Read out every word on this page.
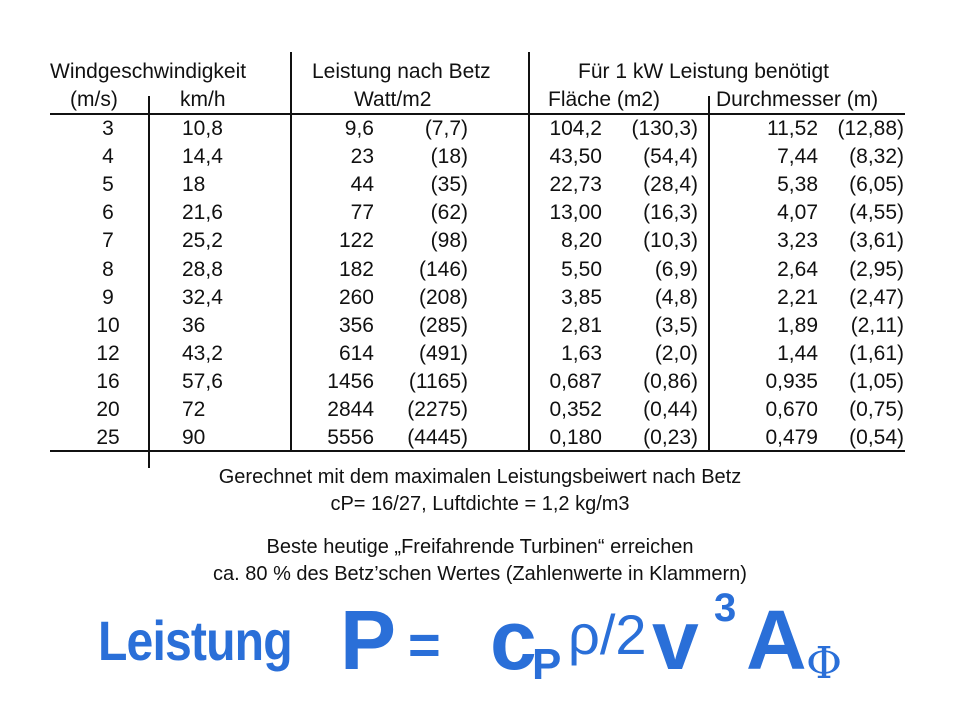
Windgeschwindigkeit
(m/s)	km/h
Leistung nach Betz
Watt/m2
Für 1 kW Leistung benötigt
Fläche (m2)	Durchmesser (m)
3	10,8	9,6 (7,7)	104,2 (130,3)	11,52 (12,88)
4	14,4	23	(18)	43,50 (54,4)	7,44 (8,32)
5	18	44	(35)	22,73 (28,4)	5,38 (6,05)
6	21,6	77	(62)	13,00 (16,3)	4,07 (4,55)
7	25,2	122	(98)	8,20 (10,3)	3,23 (3,61)
8	28,8	182 (146)	5,50	(6,9)	2,64 (2,95)
9	32,4	260 (208)	3,85	(4,8)	2,21 (2,47)
10	36	356 (285)	2,81	(3,5)	1,89 (2,11)
12	43,2	614 (491)	1,63	(2,0)	1,44 (1,61)
16	57,6	1456 (1165)	0,687 (0,86)	0,935 (1,05)
20	72	2844 (2275)	0,352 (0,44)	0,670 (0,75)
25	90	5556 (4445)	0,180 (0,23)	0,479 (0,54)
Gerechnet mit dem maximalen Leistungsbeiwert nach Betz
cP= 16/27, Luftdichte = 1,2 kg/m3
Beste heutige „Freifahrende Turbinen“ erreichen
ca. 80 % des Betz’schen Wertes (Zahlenwerte in Klammern)
Leistung P = c
P ρ/2 v 3 A Φ
